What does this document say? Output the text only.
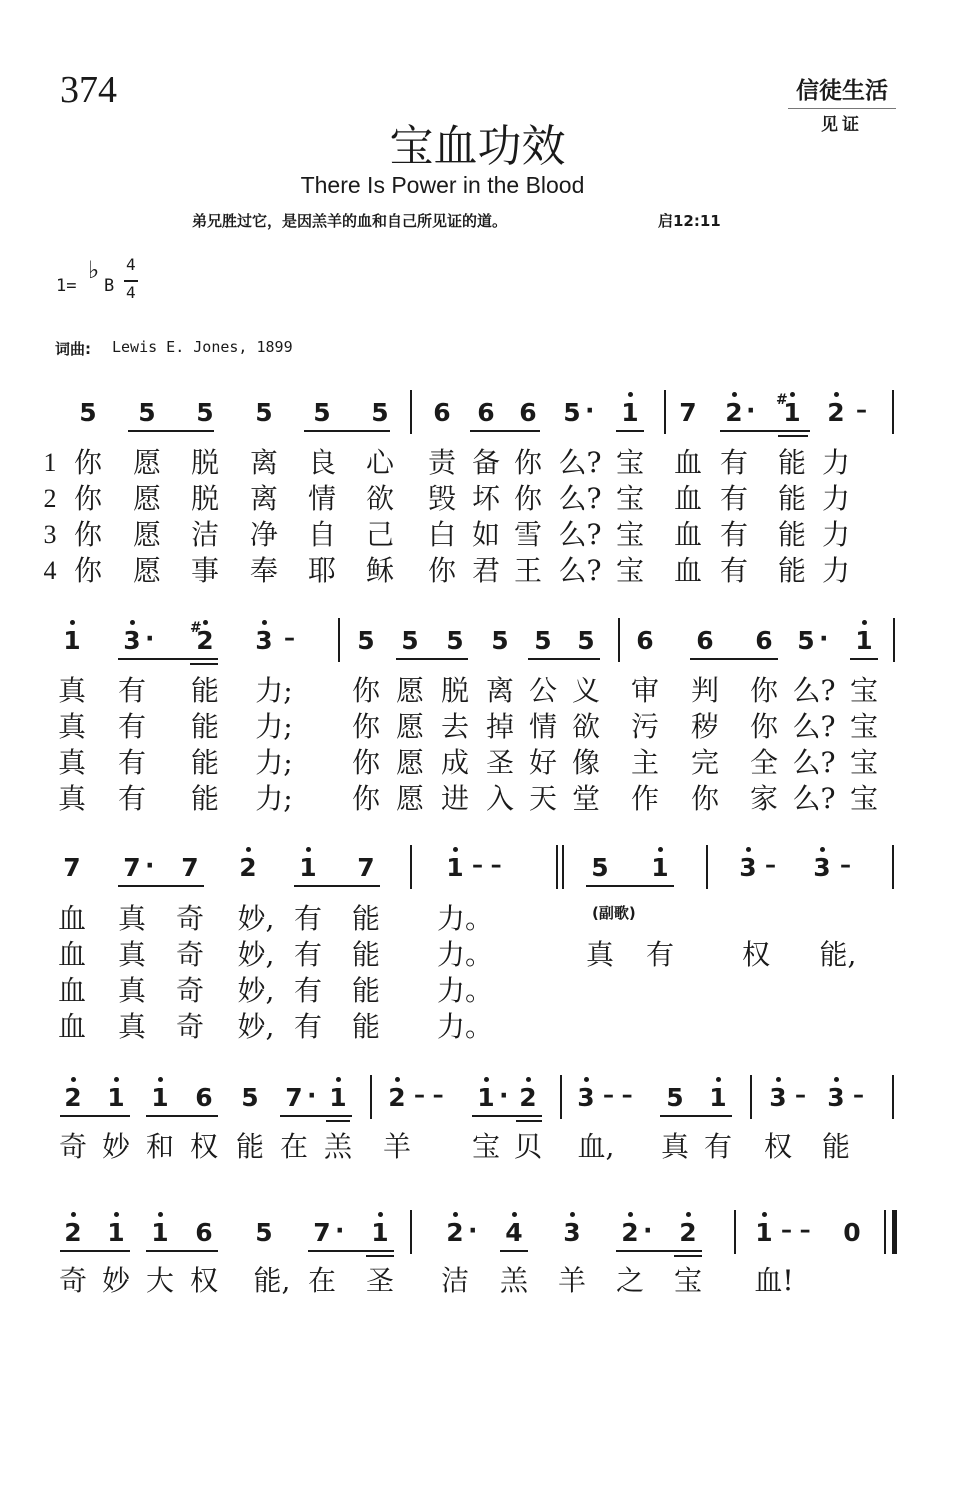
374	信徒生活
见证
宝血功效
There Is Power in the Blood
弟兄胜过它，是因羔羊的血和自己所见证的道。	启12:11
1=
♭
B
4
4
词曲: Lewis E. Jones, 1899
5	5	5	5	5	5	6	6 6	5 ·	1	7	2 · #
1	2 –
1
2
3
4
你	愿	脱	离	良	心	责 备 你 么? 宝	血 有	能 力
你	愿	脱	离	情	欲	毁 坏 你 么? 宝	血 有	能 力
你	愿	洁	净	自	己	白 如 雪 么? 宝	血 有	能 力
你	愿	事	奉	耶	稣	你 君 王 么? 宝	血 有	能 力
1	3 ·	#
2	3 –	5	5	5	5	5	5	6	6	6 5 ·	1
真	有	能	力;	你 愿 脱 离 公 义	审	判	你 么? 宝
真	有	能	力;	你 愿 去 掉 情 欲	污	秽	你 么? 宝
真	有	能	力;	你 愿 成 圣 好 像	主	完	全 么? 宝
真	有	能	力;	你 愿 进 入 天 堂	作	你	家 么? 宝
7	7 ·	7	2	1	7	1 – –	5	1	3 –	3 –
(副歌)
血	真	奇	妙, 有	能	力。
血	真	奇	妙, 有	能	力。	真	有	权	能,
血	真	奇	妙, 有	能	力。
血	真	奇	妙, 有	能	力。
2	1	1	6	5	7 · 1	2 – –	1 · 2	3 – –	5	1	3 – 3 –
奇 妙 和 权 能 在 羔	羊	宝 贝	血,	真 有	权	能
2	1	1	6	5	7 ·	1	2 ·	4	3	2 ·	2	1 – –	0
奇 妙 大 权	能, 在	圣	洁	羔	羊	之	宝	血!
